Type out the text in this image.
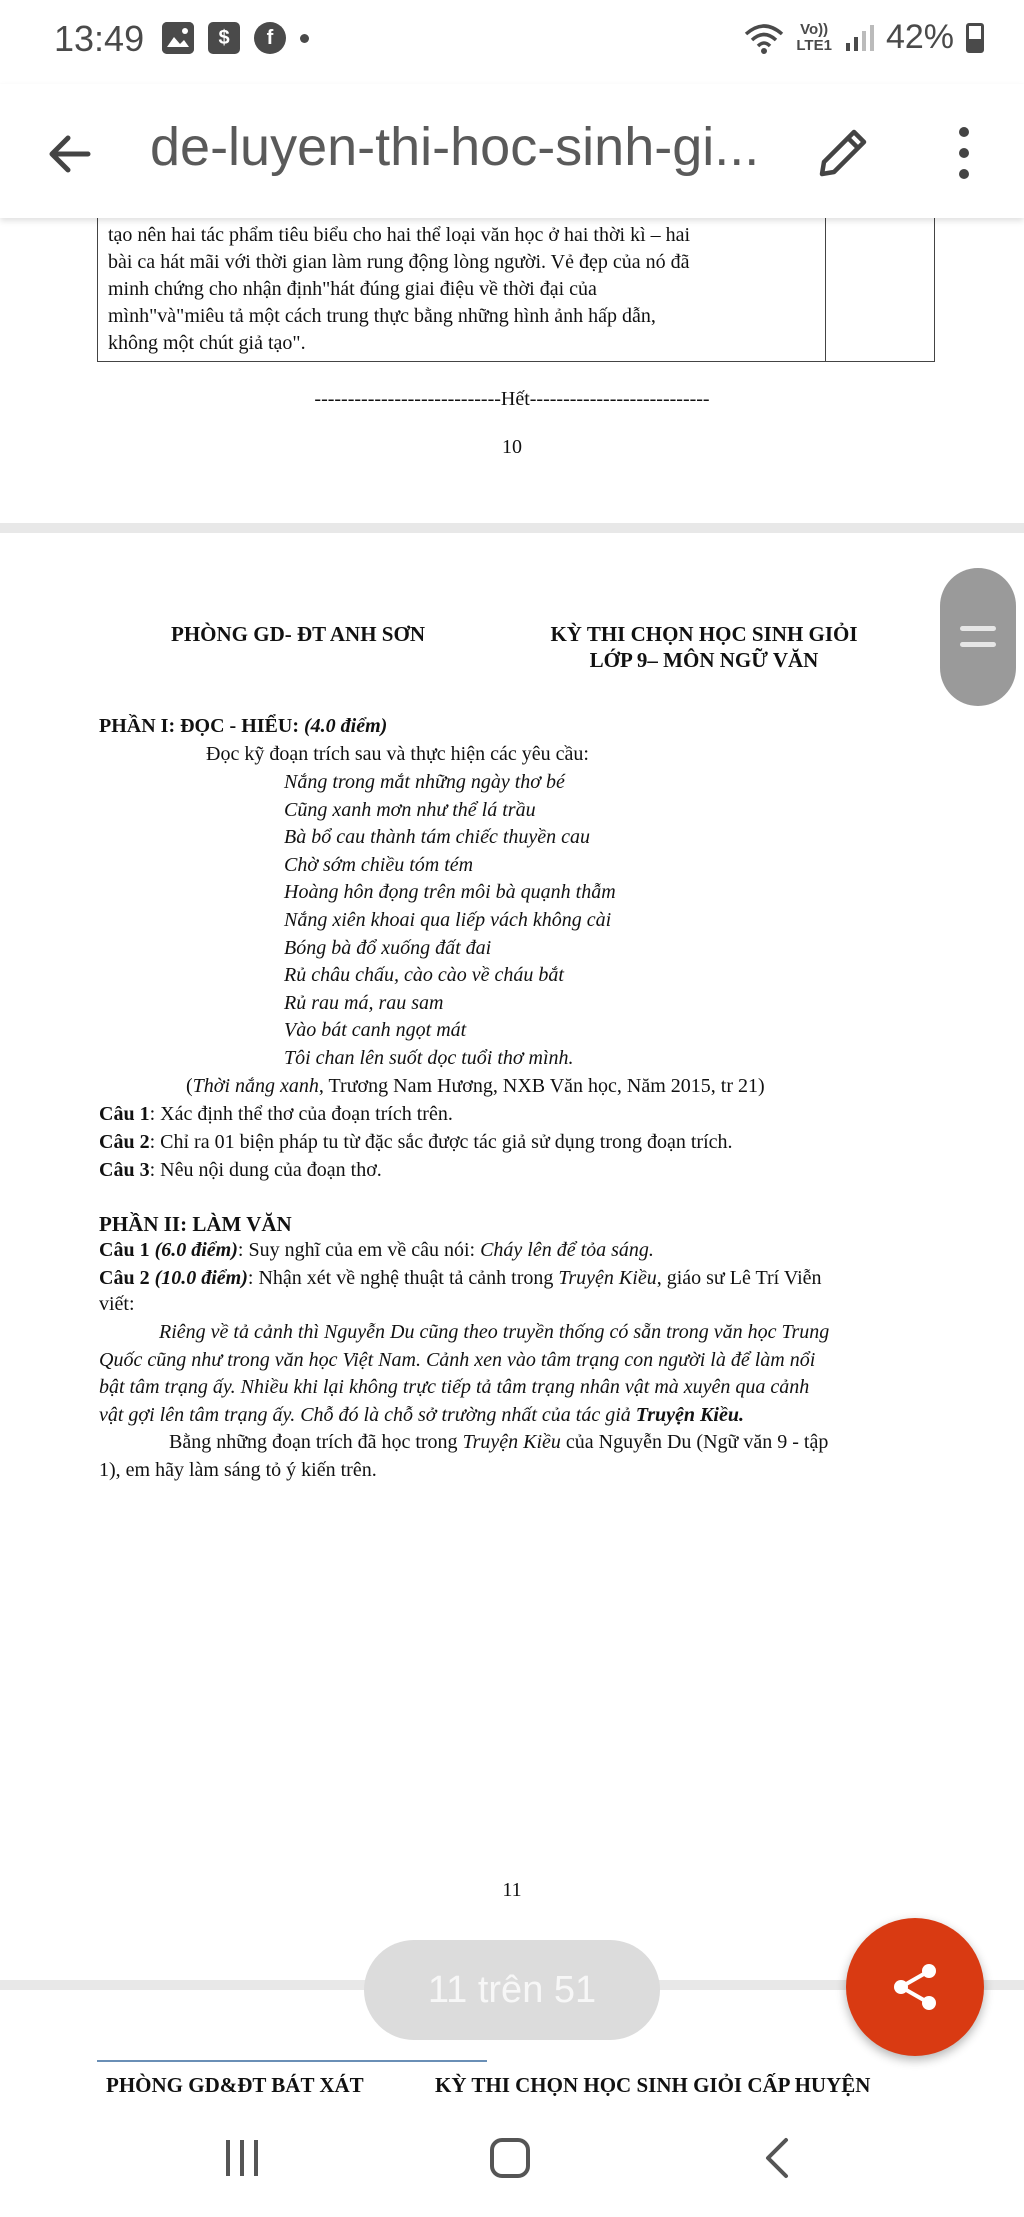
13:49	$	f	Vo))
LTE1 42%
de-luyen-thi-hoc-sinh-gi...
tạo nên hai tác phẩm tiêu biểu cho hai thể loại văn học ở hai thời kì – hai
bài ca hát mãi với thời gian làm rung động lòng người. Vẻ đẹp của nó đã
minh chứng cho nhận định"hát đúng giai điệu về thời đại của
mình"và"miêu tả một cách trung thực bằng những hình ảnh hấp dẫn,
không một chút giả tạo".
----------------------------Hết---------------------------
10
PHÒNG GD- ĐT ANH SƠN	KỲ THI CHỌN HỌC SINH GIỎI
LỚP 9– MÔN NGỮ VĂN
PHẦN I: ĐỌC - HIỂU: (4.0 điểm)
Đọc kỹ đoạn trích sau và thực hiện các yêu cầu:
Nắng trong mắt những ngày thơ bé
Cũng xanh mơn như thể lá trầu
Bà bổ cau thành tám chiếc thuyền cau
Chờ sớm chiều tóm tém
Hoàng hôn đọng trên môi bà quạnh thẫm
Nắng xiên khoai qua liếp vách không cài
Bóng bà đổ xuống đất đai
Rủ châu chấu, cào cào về cháu bắt
Rủ rau má, rau sam
Vào bát canh ngọt mát
Tôi chan lên suốt dọc tuổi thơ mình.
(Thời nắng xanh, Trương Nam Hương, NXB Văn học, Năm 2015, tr 21)
Câu 1: Xác định thể thơ của đoạn trích trên.
Câu 2: Chỉ ra 01 biện pháp tu từ đặc sắc được tác giả sử dụng trong đoạn trích.
Câu 3: Nêu nội dung của đoạn thơ.
PHẦN II: LÀM VĂN
Câu 1 (6.0 điểm): Suy nghĩ của em về câu nói: Cháy lên để tỏa sáng.
Câu 2 (10.0 điểm): Nhận xét về nghệ thuật tả cảnh trong Truyện Kiều, giáo sư Lê Trí Viễn
viết:
Riêng về tả cảnh thì Nguyễn Du cũng theo truyền thống có sẵn trong văn học Trung
Quốc cũng như trong văn học Việt Nam. Cảnh xen vào tâm trạng con người là để làm nổi
bật tâm trạng ấy. Nhiều khi lại không trực tiếp tả tâm trạng nhân vật mà xuyên qua cảnh
vật gợi lên tâm trạng ấy. Chỗ đó là chỗ sở trường nhất của tác giả Truyện Kiều.
Bằng những đoạn trích đã học trong Truyện Kiều của Nguyễn Du (Ngữ văn 9 - tập
1), em hãy làm sáng tỏ ý kiến trên.
11
PHÒNG GD&ĐT BÁT XÁT	KỲ THI CHỌN HỌC SINH GIỎI CẤP HUYỆN
11 trên 51
